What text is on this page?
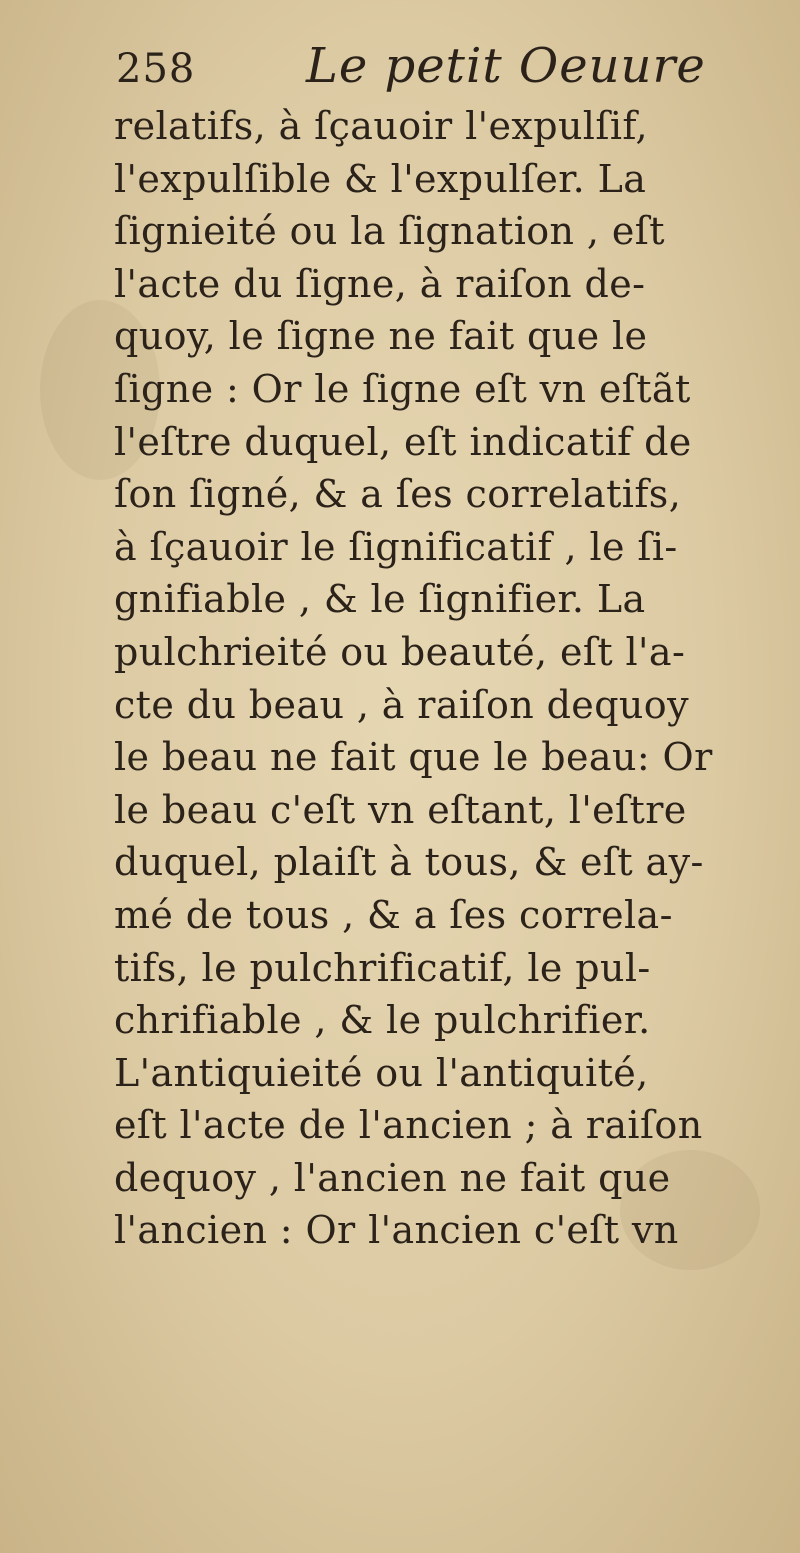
258 Le petit Oeuure
relatifs, à ſçauoir l'expulſif,
l'expulſible & l'expulſer. La
ſignieité ou la ſignation , eſt
l'acte du ſigne, à raiſon de-
quoy, le ſigne ne fait que le
ſigne : Or le ſigne eſt vn eſtãt
l'eſtre duquel, eſt indicatif de
ſon ſigné, & a ſes correlatifs,
à ſçauoir le ſignificatif , le ſi-
gnifiable , & le ſignifier. La
pulchrieité ou beauté, eſt l'a-
cte du beau , à raiſon dequoy
le beau ne fait que le beau: Or
le beau c'eſt vn eſtant, l'eſtre
duquel, plaiſt à tous, & eſt ay-
mé de tous , & a ſes correla-
tifs, le pulchrificatif, le pul-
chrifiable , & le pulchrifier.
L'antiquieité ou l'antiquité,
eſt l'acte de l'ancien ; à raiſon
dequoy , l'ancien ne fait que
l'ancien : Or l'ancien c'eſt vn
